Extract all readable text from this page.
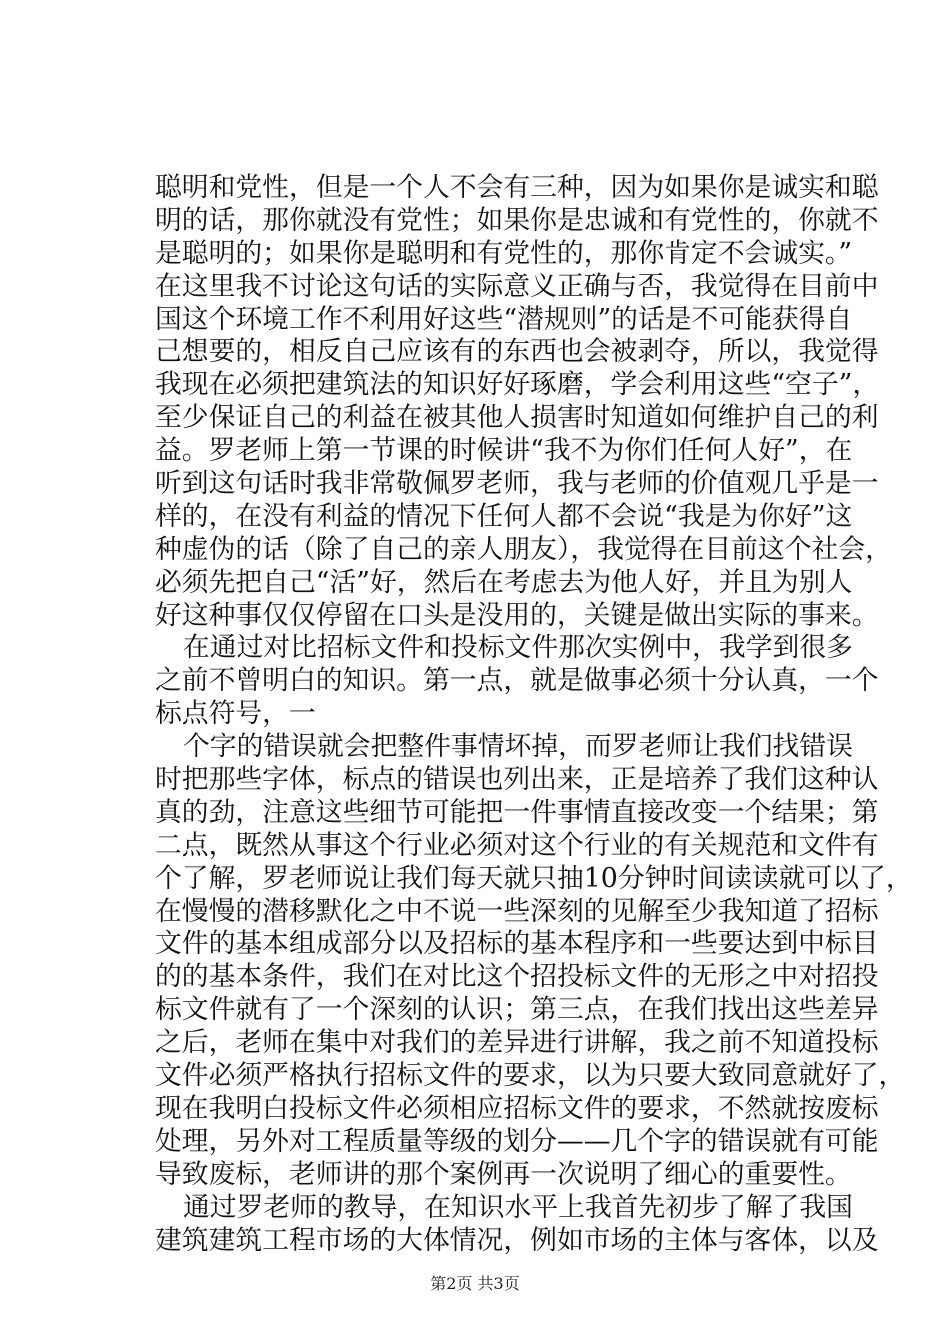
聪明和党性，但是一个人不会有三种，因为如果你是诚实和聪
明的话，那你就没有党性；如果你是忠诚和有党性的，你就不
是聪明的；如果你是聪明和有党性的，那你肯定不会诚实。”
在这里我不讨论这句话的实际意义正确与否，我觉得在目前中
国这个环境工作不利用好这些“潜规则”的话是不可能获得自
己想要的，相反自己应该有的东西也会被剥夺，所以，我觉得
我现在必须把建筑法的知识好好琢磨，学会利用这些“空子”，
至少保证自己的利益在被其他人损害时知道如何维护自己的利
益。罗老师上第一节课的时候讲“我不为你们任何人好”，在
听到这句话时我非常敬佩罗老师，我与老师的价值观几乎是一
样的，在没有利益的情况下任何人都不会说“我是为你好”这
种虚伪的话（除了自己的亲人朋友），我觉得在目前这个社会，
必须先把自己“活”好，然后在考虑去为他人好，并且为别人
好这种事仅仅停留在口头是没用的，关键是做出实际的事来。
在通过对比招标文件和投标文件那次实例中，我学到很多
之前不曾明白的知识。第一点，就是做事必须十分认真，一个
标点符号，一
个字的错误就会把整件事情坏掉，而罗老师让我们找错误
时把那些字体，标点的错误也列出来，正是培养了我们这种认
真的劲，注意这些细节可能把一件事情直接改变一个结果；第
二点，既然从事这个行业必须对这个行业的有关规范和文件有
个了解，罗老师说让我们每天就只抽10分钟时间读读就可以了，
在慢慢的潜移默化之中不说一些深刻的见解至少我知道了招标
文件的基本组成部分以及招标的基本程序和一些要达到中标目
的的基本条件，我们在对比这个招投标文件的无形之中对招投
标文件就有了一个深刻的认识；第三点，在我们找出这些差异
之后，老师在集中对我们的差异进行讲解，我之前不知道投标
文件必须严格执行招标文件的要求，以为只要大致同意就好了，
现在我明白投标文件必须相应招标文件的要求，不然就按废标
处理，另外对工程质量等级的划分——几个字的错误就有可能
导致废标，老师讲的那个案例再一次说明了细心的重要性。
通过罗老师的教导，在知识水平上我首先初步了解了我国
建筑建筑工程市场的大体情况，例如市场的主体与客体，以及
第2页 共3页
